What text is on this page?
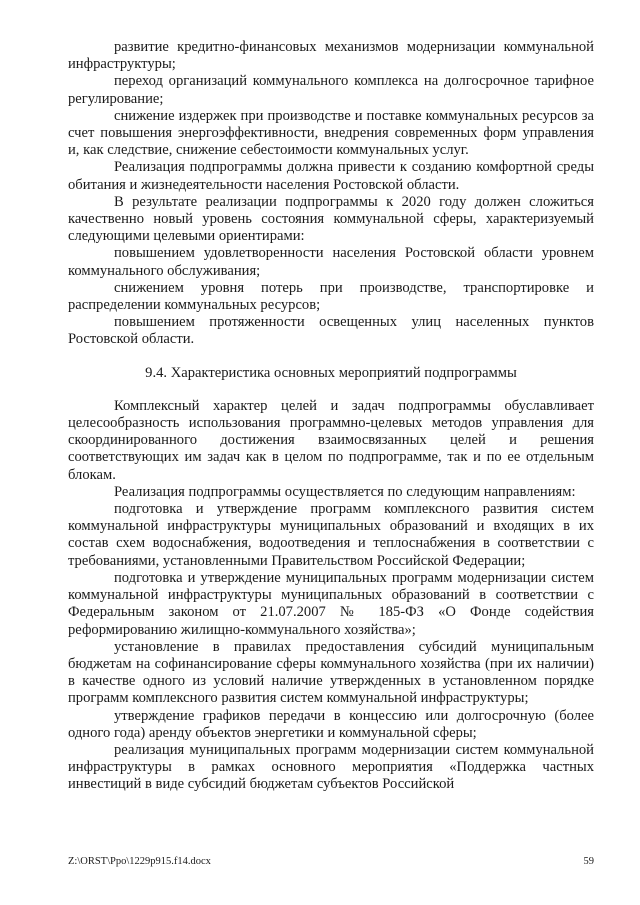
развитие кредитно-финансовых механизмов модернизации коммунальной инфраструктуры;

переход организаций коммунального комплекса на долгосрочное тарифное регулирование;

снижение издержек при производстве и поставке коммунальных ресурсов за счет повышения энергоэффективности, внедрения современных форм управления и, как следствие, снижение себестоимости коммунальных услуг.

Реализация подпрограммы должна привести к созданию комфортной среды обитания и жизнедеятельности населения Ростовской области.

В результате реализации подпрограммы к 2020 году должен сложиться качественно новый уровень состояния коммунальной сферы, характеризуемый следующими целевыми ориентирами:

повышением удовлетворенности населения Ростовской области уровнем коммунального обслуживания;

снижением уровня потерь при производстве, транспортировке и распределении коммунальных ресурсов;

повышением протяженности освещенных улиц населенных пунктов Ростовской области.

9.4. Характеристика основных мероприятий подпрограммы

Комплексный характер целей и задач подпрограммы обуславливает целесообразность использования программно-целевых методов управления для скоординированного достижения взаимосвязанных целей и решения соответствующих им задач как в целом по подпрограмме, так и по ее отдельным блокам.

Реализация подпрограммы осуществляется по следующим направлениям:

подготовка и утверждение программ комплексного развития систем коммунальной инфраструктуры муниципальных образований и входящих в их состав схем водоснабжения, водоотведения и теплоснабжения в соответствии с требованиями, установленными Правительством Российской Федерации;

подготовка и утверждение муниципальных программ модернизации систем коммунальной инфраструктуры муниципальных образований в соответствии с Федеральным законом от 21.07.2007 № 185-ФЗ «О Фонде содействия реформированию жилищно-коммунального хозяйства»;

установление в правилах предоставления субсидий муниципальным бюджетам на софинансирование сферы коммунального хозяйства (при их наличии) в качестве одного из условий наличие утвержденных в установленном порядке программ комплексного развития систем коммунальной инфраструктуры;

утверждение графиков передачи в концессию или долгосрочную (более одного года) аренду объектов энергетики и коммунальной сферы;

реализация муниципальных программ модернизации систем коммунальной инфраструктуры в рамках основного мероприятия «Поддержка частных инвестиций в виде субсидий бюджетам субъектов Российской

Z:\ORST\Ppo\1229p915.f14.docx	59
